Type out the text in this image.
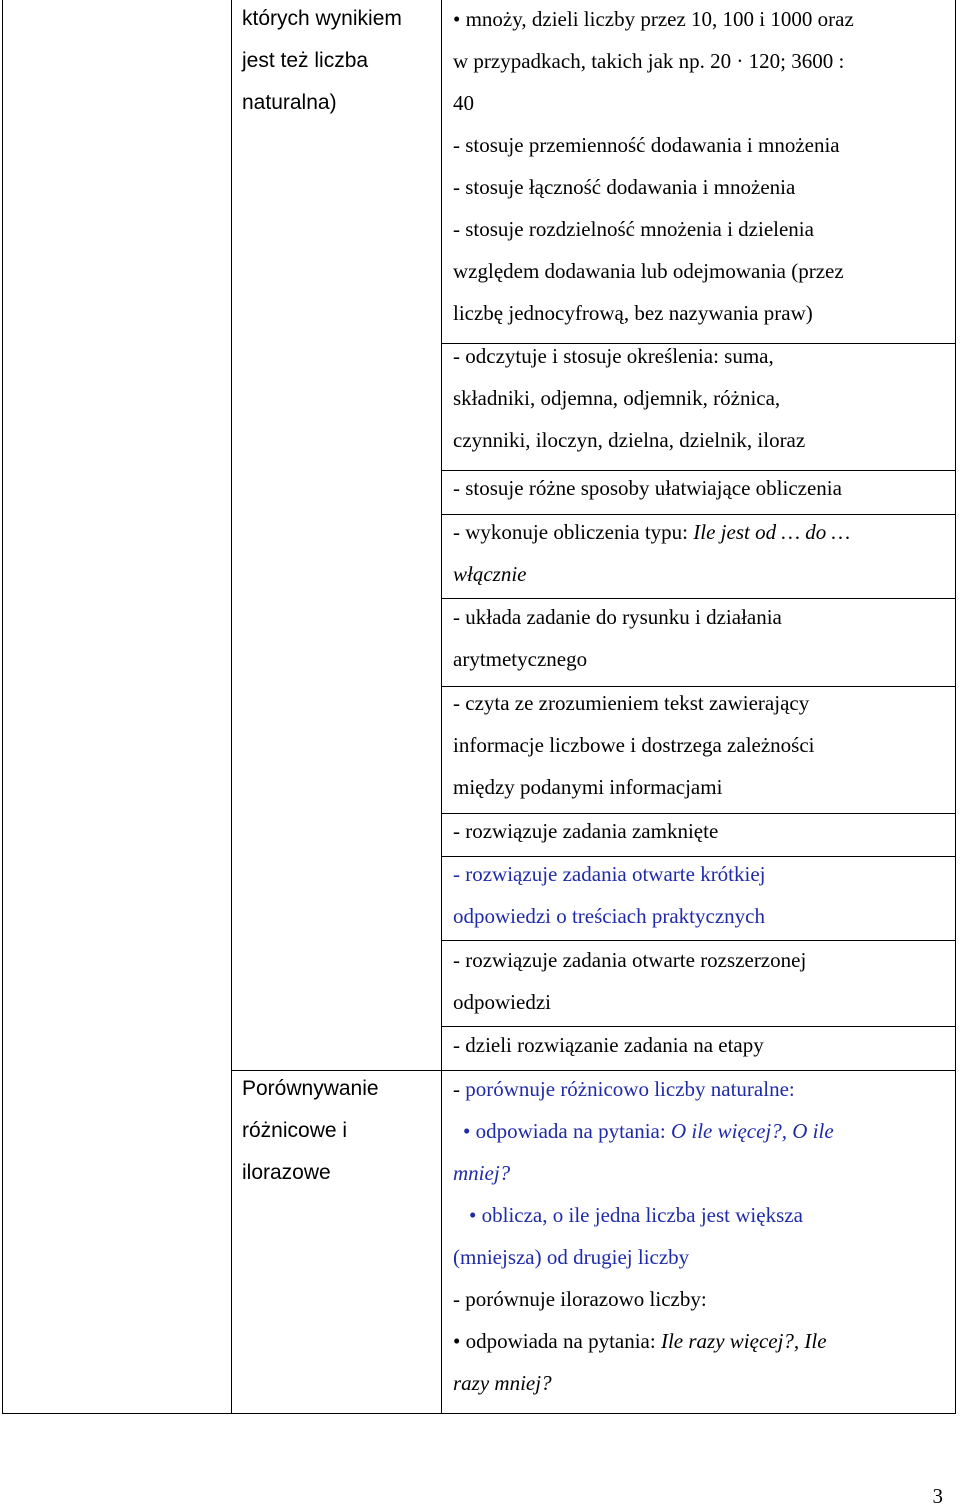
których wynikiem
jest też liczba
naturalna)
Porównywanie
różnicowe i
ilorazowe
• mnoży, dzieli liczby przez 10, 100 i 1000 oraz
w przypadkach, takich jak np. 20 · 120; 3600 :
40
- stosuje przemienność dodawania i mnożenia
- stosuje łączność dodawania i mnożenia
- stosuje rozdzielność mnożenia i dzielenia
względem dodawania lub odejmowania (przez
liczbę jednocyfrową, bez nazywania praw)
- odczytuje i stosuje określenia: suma,
składniki, odjemna, odjemnik, różnica,
czynniki, iloczyn, dzielna, dzielnik, iloraz
- stosuje różne sposoby ułatwiające obliczenia
- wykonuje obliczenia typu: Ile jest od … do …
włącznie
- układa zadanie do rysunku i działania
arytmetycznego
- czyta ze zrozumieniem tekst zawierający
informacje liczbowe i dostrzega zależności
między podanymi informacjami
- rozwiązuje zadania zamknięte
- rozwiązuje zadania otwarte krótkiej
odpowiedzi o treściach praktycznych
- rozwiązuje zadania otwarte rozszerzonej
odpowiedzi
- dzieli rozwiązanie zadania na etapy
- porównuje różnicowo liczby naturalne:
• odpowiada na pytania: O ile więcej?, O ile
mniej?
• oblicza, o ile jedna liczba jest większa
(mniejsza) od drugiej liczby
- porównuje ilorazowo liczby:
• odpowiada na pytania: Ile razy więcej?, Ile
razy mniej?
3
